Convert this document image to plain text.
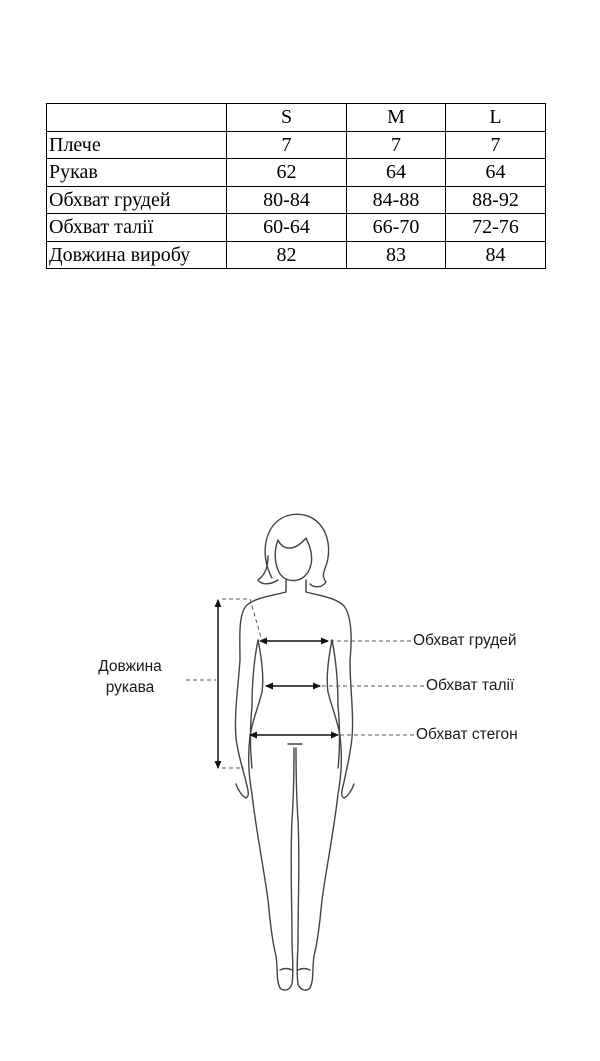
	S	M	L
Плече	7	7	7
Рукав	62	64	64
Обхват грудей	80-84	84-88	88-92
Обхват талії	60-64	66-70	72-76
Довжина виробу	82	83	84
Довжина
рукава
Обхват грудей
Обхват талії
Обхват стегон
